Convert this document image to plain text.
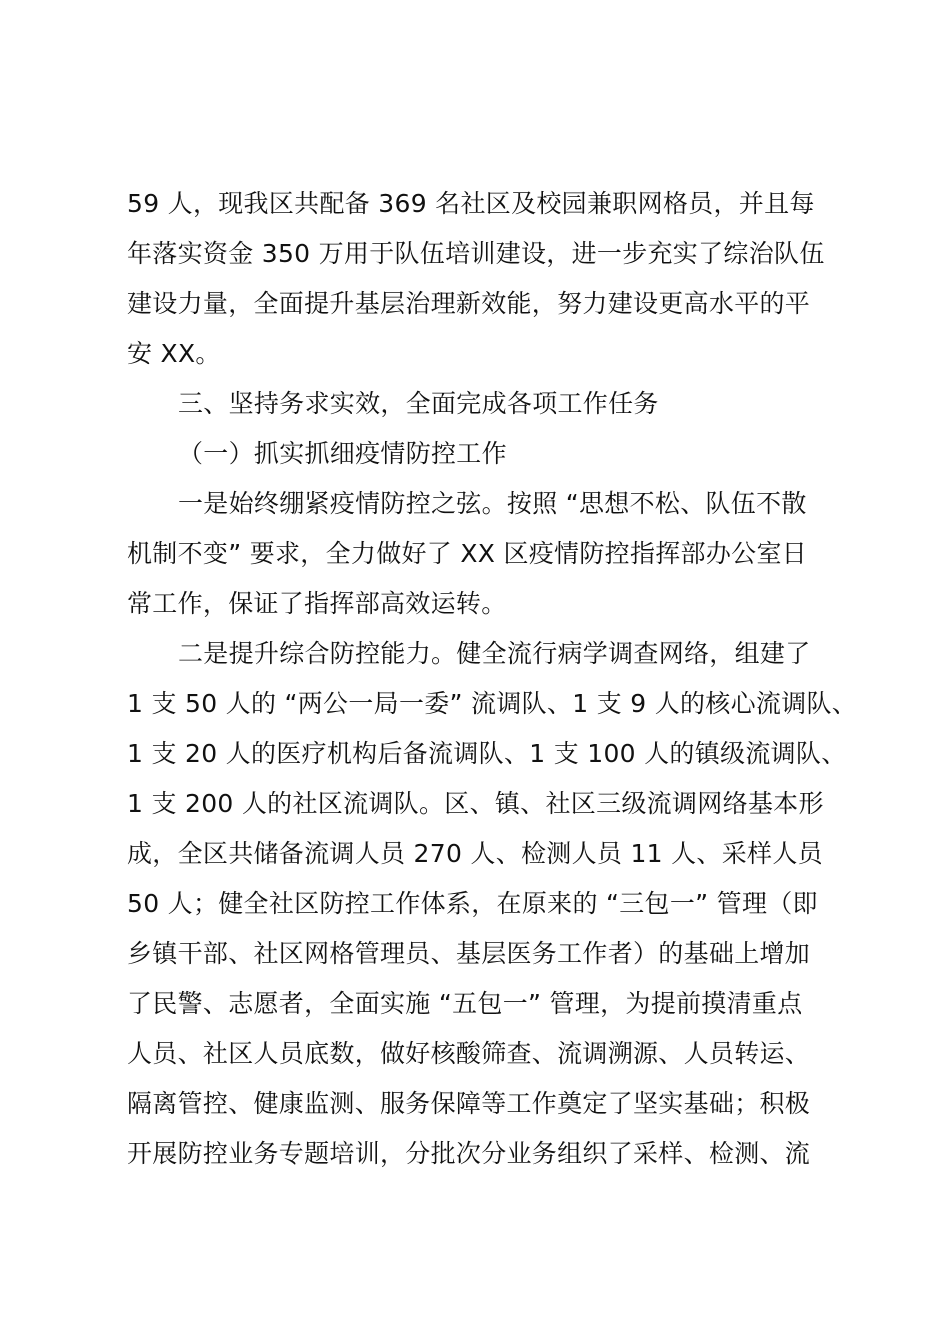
59 人，现我区共配备 369 名社区及校园兼职网格员，并且每
年落实资金 350 万用于队伍培训建设，进一步充实了综治队伍
建设力量，全面提升基层治理新效能，努力建设更高水平的平
安 XX。
三、坚持务求实效，全面完成各项工作任务
（一）抓实抓细疫情防控工作
一是始终绷紧疫情防控之弦。按照 “思想不松、队伍不散
机制不变” 要求，全力做好了 XX 区疫情防控指挥部办公室日
常工作，保证了指挥部高效运转。
二是提升综合防控能力。健全流行病学调查网络，组建了
1 支 50 人的 “两公一局一委” 流调队、1 支 9 人的核心流调队、
1 支 20 人的医疗机构后备流调队、1 支 100 人的镇级流调队、
1 支 200 人的社区流调队。区、镇、社区三级流调网络基本形
成，全区共储备流调人员 270 人、检测人员 11 人、采样人员
50 人；健全社区防控工作体系，在原来的 “三包一” 管理（即
乡镇干部、社区网格管理员、基层医务工作者）的基础上增加
了民警、志愿者，全面实施 “五包一” 管理，为提前摸清重点
人员、社区人员底数，做好核酸筛查、流调溯源、人员转运、
隔离管控、健康监测、服务保障等工作奠定了坚实基础；积极
开展防控业务专题培训，分批次分业务组织了采样、检测、流
